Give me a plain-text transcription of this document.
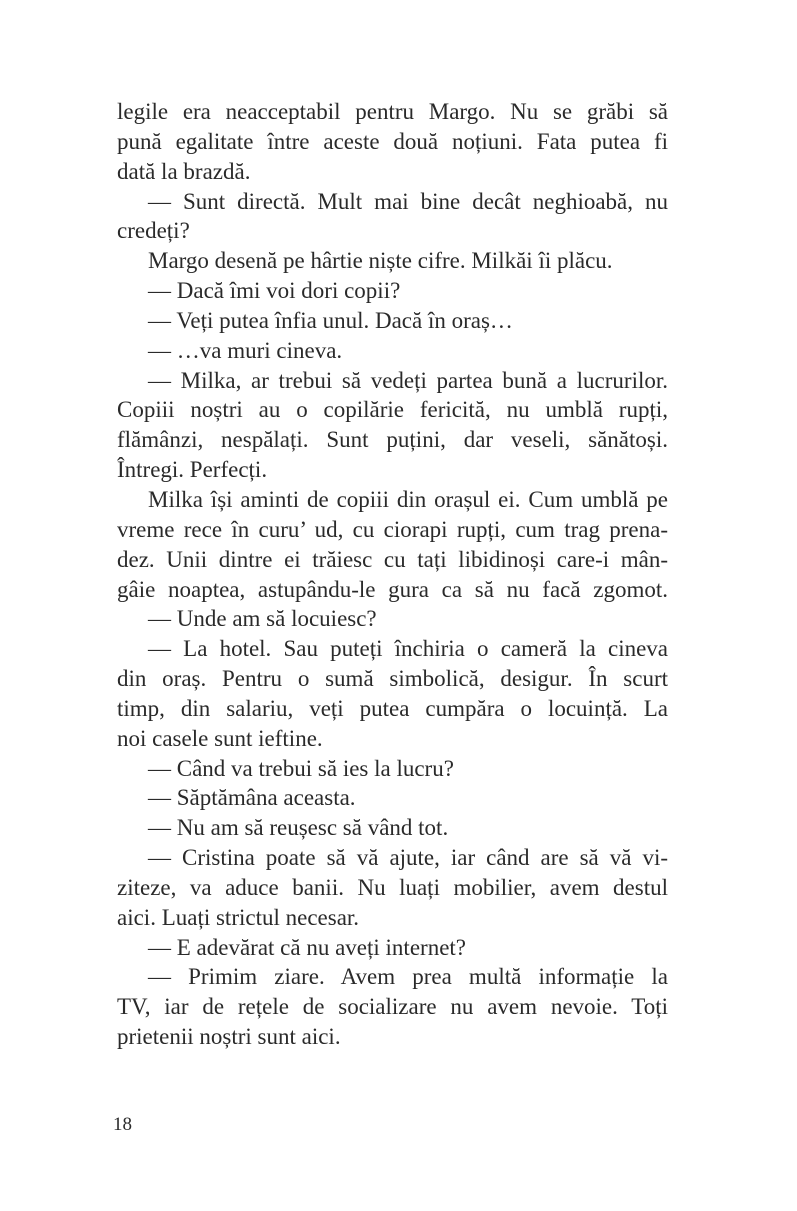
legile era neacceptabil pentru Margo. Nu se grăbi să
pună egalitate între aceste două noțiuni. Fata putea fi
dată la brazdă.
— Sunt directă. Mult mai bine decât neghioabă, nu
credeți?
Margo desenă pe hârtie niște cifre. Milkăi îi plăcu.
— Dacă îmi voi dori copii?
— Veți putea înfia unul. Dacă în oraș…
— …va muri cineva.
— Milka, ar trebui să vedeți partea bună a lucrurilor.
Copiii noștri au o copilărie fericită, nu umblă rupți,
flămânzi, nespălați. Sunt puțini, dar veseli, sănătoși.
Întregi. Perfecți.
Milka își aminti de copiii din orașul ei. Cum umblă pe
vreme rece în curu’ ud, cu ciorapi rupți, cum trag prena-
dez. Unii dintre ei trăiesc cu tați libidinoși care-i mân-
gâie noaptea, astupându-le gura ca să nu facă zgomot.
— Unde am să locuiesc?
— La hotel. Sau puteți închiria o cameră la cineva
din oraș. Pentru o sumă simbolică, desigur. În scurt
timp, din salariu, veți putea cumpăra o locuință. La
noi casele sunt ieftine.
— Când va trebui să ies la lucru?
— Săptămâna aceasta.
— Nu am să reușesc să vând tot.
— Cristina poate să vă ajute, iar când are să vă vi-
ziteze, va aduce banii. Nu luați mobilier, avem destul
aici. Luați strictul necesar.
— E adevărat că nu aveți internet?
— Primim ziare. Avem prea multă informație la
TV, iar de rețele de socializare nu avem nevoie. Toți
prietenii noștri sunt aici.
18
